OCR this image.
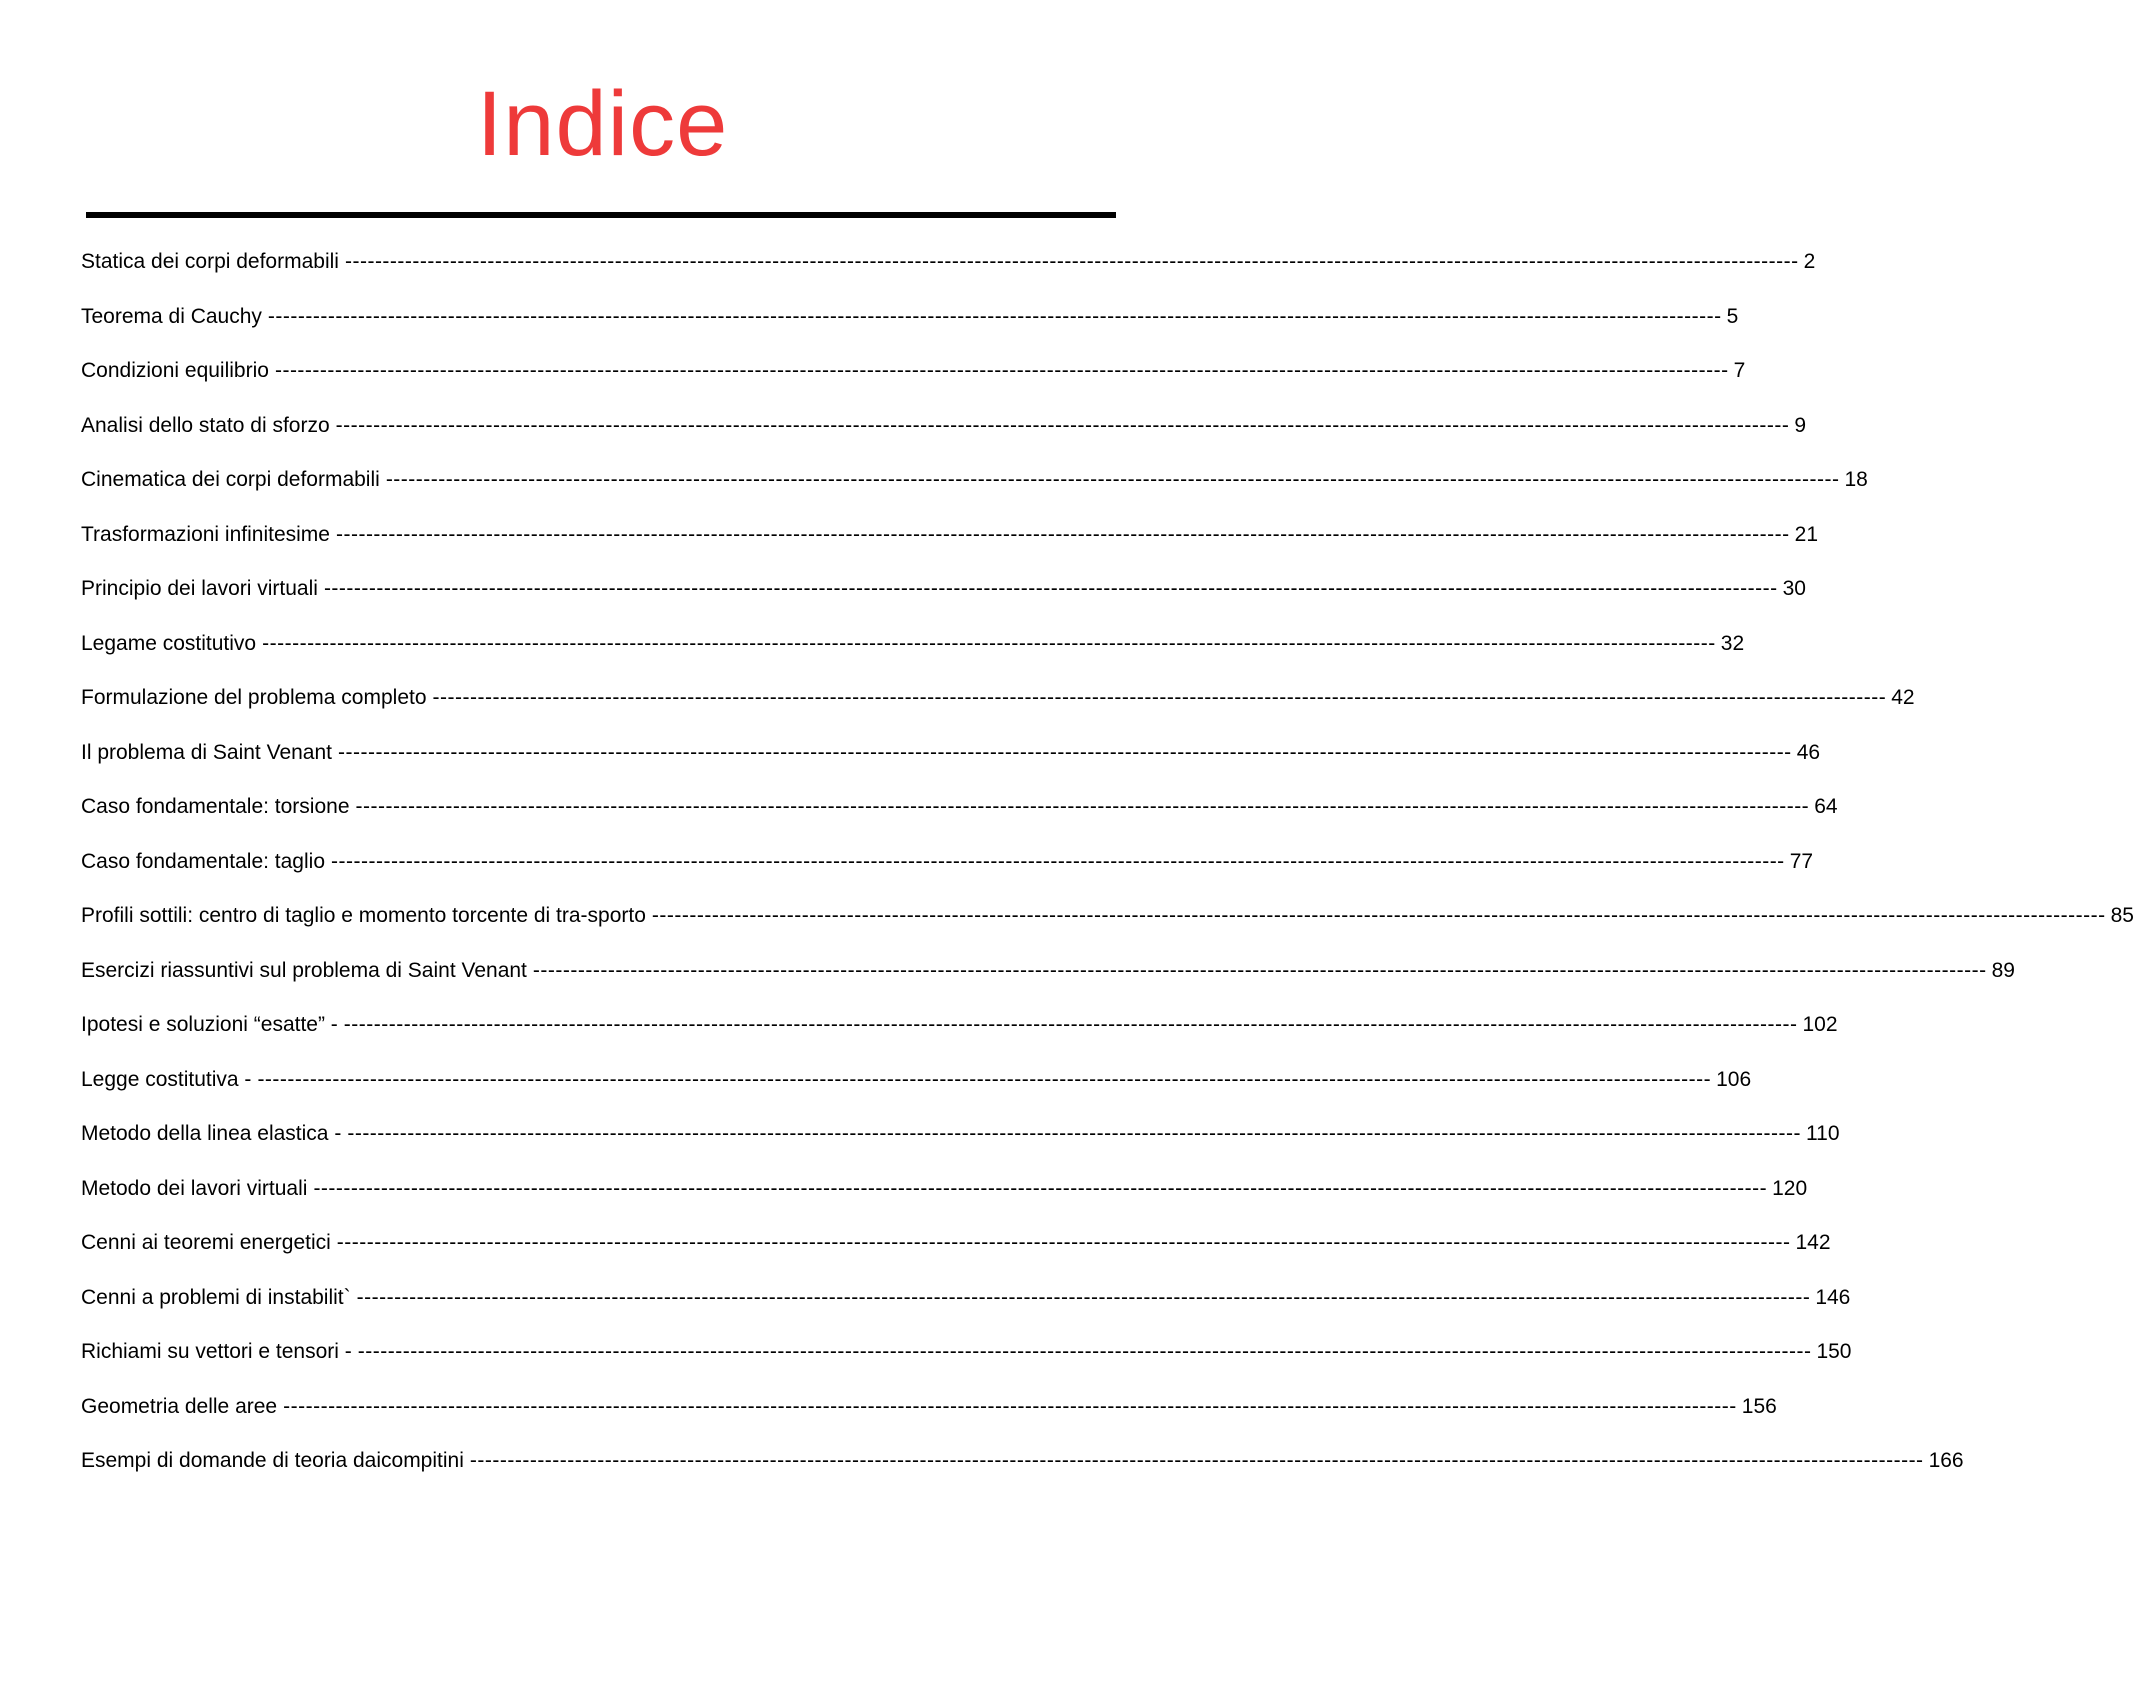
Indice
Statica dei corpi deformabili -------------------------------------------------------------------------------------------------------------------------------------------------------------------------------------------------- 2
Teorema di Cauchy -------------------------------------------------------------------------------------------------------------------------------------------------------------------------------------------------- 5
Condizioni equilibrio -------------------------------------------------------------------------------------------------------------------------------------------------------------------------------------------------- 7
Analisi dello stato di sforzo -------------------------------------------------------------------------------------------------------------------------------------------------------------------------------------------------- 9
Cinematica dei corpi deformabili -------------------------------------------------------------------------------------------------------------------------------------------------------------------------------------------------- 18
Trasformazioni infinitesime -------------------------------------------------------------------------------------------------------------------------------------------------------------------------------------------------- 21
Principio dei lavori virtuali -------------------------------------------------------------------------------------------------------------------------------------------------------------------------------------------------- 30
Legame costitutivo -------------------------------------------------------------------------------------------------------------------------------------------------------------------------------------------------- 32
Formulazione del problema completo -------------------------------------------------------------------------------------------------------------------------------------------------------------------------------------------------- 42
Il problema di Saint Venant -------------------------------------------------------------------------------------------------------------------------------------------------------------------------------------------------- 46
Caso fondamentale: torsione -------------------------------------------------------------------------------------------------------------------------------------------------------------------------------------------------- 64
Caso fondamentale: taglio -------------------------------------------------------------------------------------------------------------------------------------------------------------------------------------------------- 77
Profili sottili: centro di taglio e momento torcente di tra-sporto -------------------------------------------------------------------------------------------------------------------------------------------------------------------------------------------------- 85
Esercizi riassuntivi sul problema di Saint Venant -------------------------------------------------------------------------------------------------------------------------------------------------------------------------------------------------- 89
Ipotesi e soluzioni “esatte” - -------------------------------------------------------------------------------------------------------------------------------------------------------------------------------------------------- 102
Legge costitutiva - -------------------------------------------------------------------------------------------------------------------------------------------------------------------------------------------------- 106
Metodo della linea elastica - -------------------------------------------------------------------------------------------------------------------------------------------------------------------------------------------------- 110
Metodo dei lavori virtuali -------------------------------------------------------------------------------------------------------------------------------------------------------------------------------------------------- 120
Cenni ai teoremi energetici -------------------------------------------------------------------------------------------------------------------------------------------------------------------------------------------------- 142
Cenni a problemi di instabilit` -------------------------------------------------------------------------------------------------------------------------------------------------------------------------------------------------- 146
Richiami su vettori e tensori - -------------------------------------------------------------------------------------------------------------------------------------------------------------------------------------------------- 150
Geometria delle aree -------------------------------------------------------------------------------------------------------------------------------------------------------------------------------------------------- 156
Esempi di domande di teoria daicompitini -------------------------------------------------------------------------------------------------------------------------------------------------------------------------------------------------- 166
